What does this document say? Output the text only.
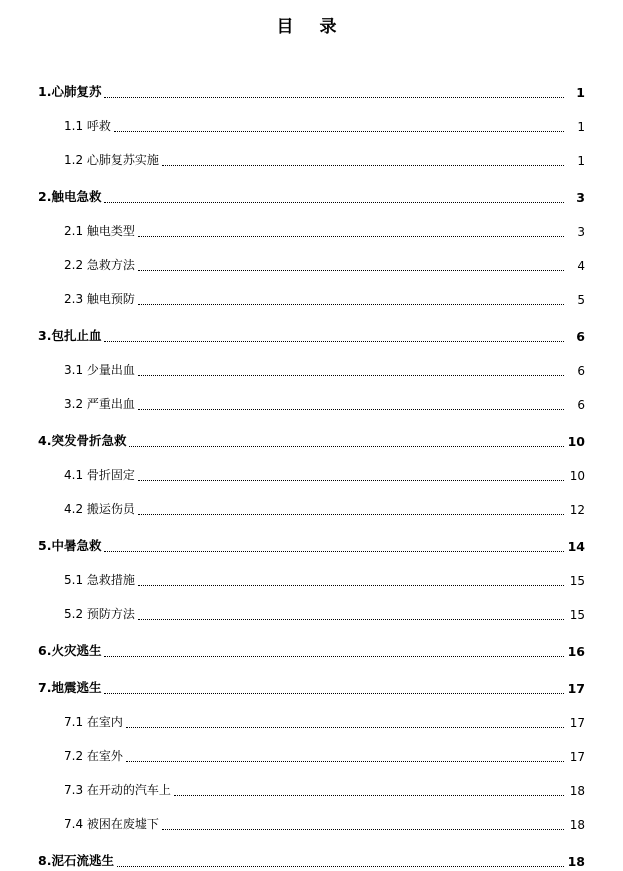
目 录
1.心肺复苏	1
1.1 呼救	1
1.2 心肺复苏实施	1
2.触电急救	3
2.1 触电类型	3
2.2 急救方法	4
2.3 触电预防	5
3.包扎止血	6
3.1 少量出血	6
3.2 严重出血	6
4.突发骨折急救	10
4.1 骨折固定	10
4.2 搬运伤员	12
5.中暑急救	14
5.1 急救措施	15
5.2 预防方法	15
6.火灾逃生	16
7.地震逃生	17
7.1 在室内	17
7.2 在室外	17
7.3 在开动的汽车上	18
7.4 被困在废墟下	18
8.泥石流逃生	18
